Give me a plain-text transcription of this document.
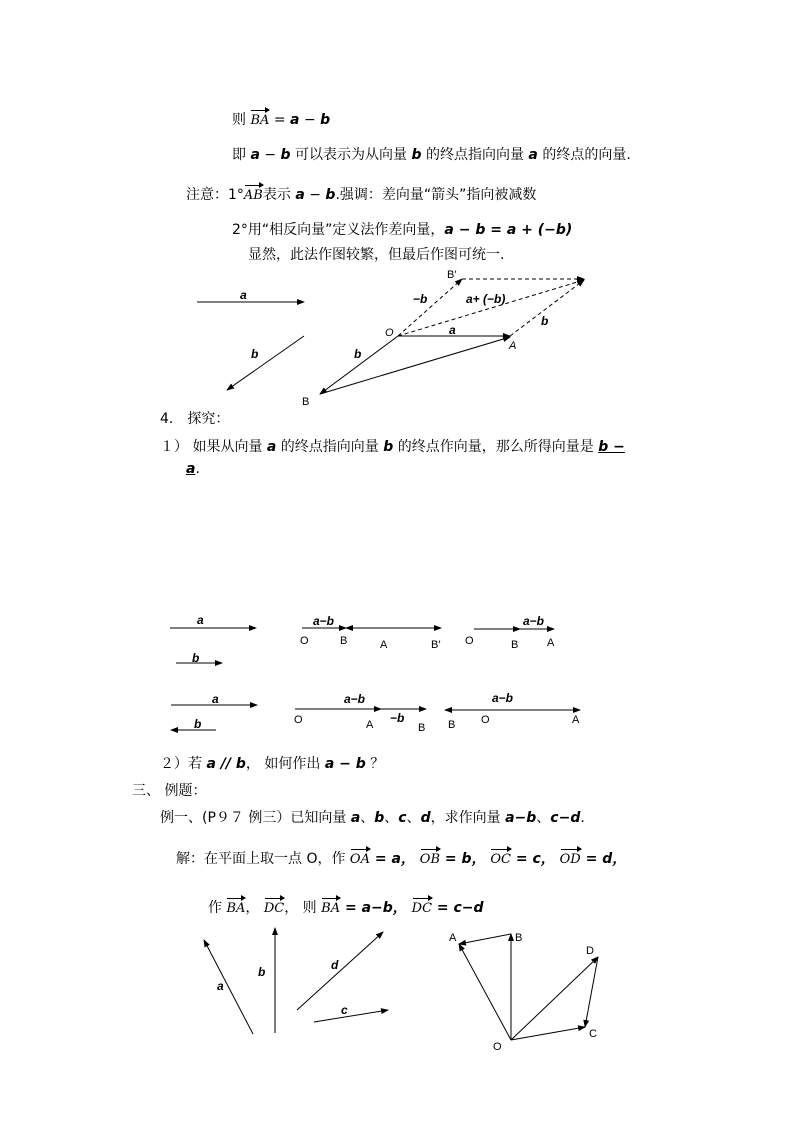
则 BA = a − b
即 a − b 可以表示为从向量 b 的终点指向向量 a 的终点的向量.
注意：1°AB表示 a − b.强调：差向量“箭头”指向被减数
2°用“相反向量”定义法作差向量，a − b = a + (−b)
显然，此法作图较繁，但最后作图可统一.
4． 探究：
１） 如果从向量 a 的终点指向向量 b 的终点作向量，那么所得向量是 b −
a.
２）若 a // b， 如何作出 a − b ？
三、 例题：
例一、(P９７ 例三）已知向量 a、b、c、d，求作向量 a−b、c−d.
解：在平面上取一点 O，作 OA = a， OB = b， OC = c， OD = d，
作 BA， DC， 则 BA = a−b， DC = c−d
a
b
B
B′
O
A
−b	a+ (−b)
a
b
b
a
b
a−b
O	B	A	B′
a−b
O	B	A
a
b
a−b
O	A −b
B
a−b
B O	A
a
b	d
c
A	B
D
O
C
